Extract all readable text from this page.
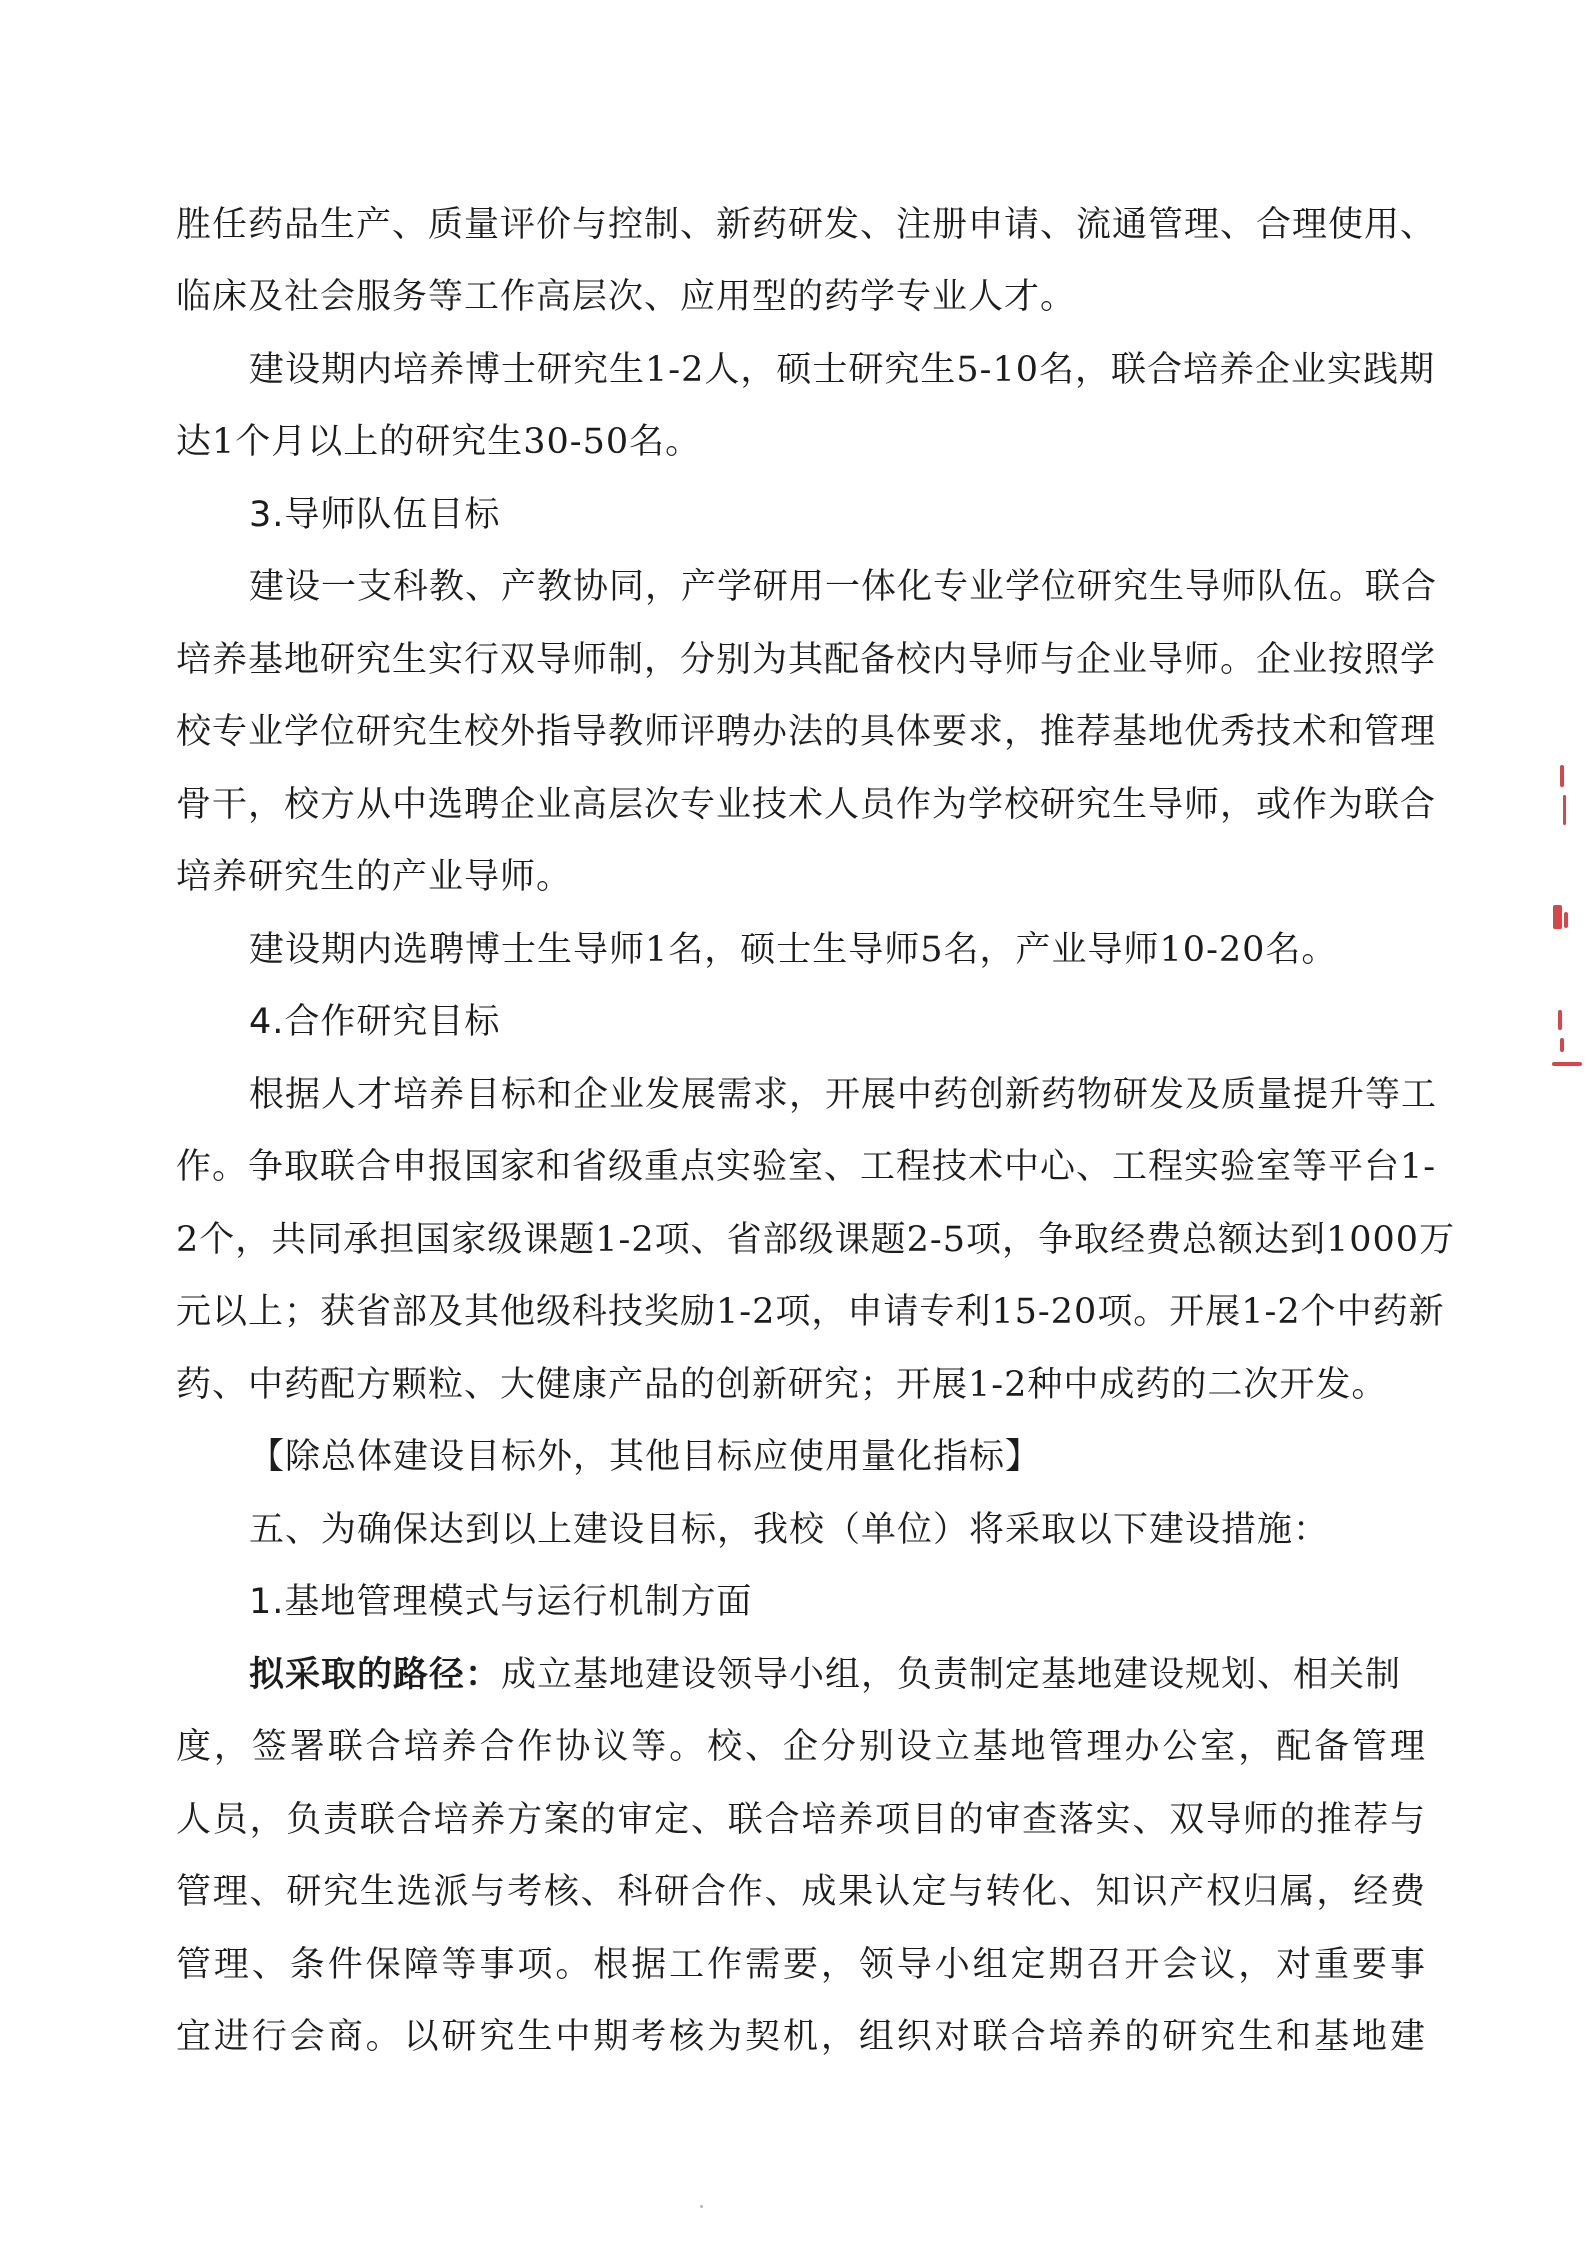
胜任药品生产、质量评价与控制、新药研发、注册申请、流通管理、合理使用、
临床及社会服务等工作高层次、应用型的药学专业人才。
建设期内培养博士研究生1-2人，硕士研究生5-10名，联合培养企业实践期
达1个月以上的研究生30-50名。
3.导师队伍目标
建设一支科教、产教协同，产学研用一体化专业学位研究生导师队伍。联合
培养基地研究生实行双导师制，分别为其配备校内导师与企业导师。企业按照学
校专业学位研究生校外指导教师评聘办法的具体要求，推荐基地优秀技术和管理
骨干，校方从中选聘企业高层次专业技术人员作为学校研究生导师，或作为联合
培养研究生的产业导师。
建设期内选聘博士生导师1名，硕士生导师5名，产业导师10-20名。
4.合作研究目标
根据人才培养目标和企业发展需求，开展中药创新药物研发及质量提升等工
作。争取联合申报国家和省级重点实验室、工程技术中心、工程实验室等平台1-
2个，共同承担国家级课题1-2项、省部级课题2-5项，争取经费总额达到1000万
元以上；获省部及其他级科技奖励1-2项，申请专利15-20项。开展1-2个中药新
药、中药配方颗粒、大健康产品的创新研究；开展1-2种中成药的二次开发。
【除总体建设目标外，其他目标应使用量化指标】
五、为确保达到以上建设目标，我校（单位）将采取以下建设措施：
1.基地管理模式与运行机制方面
拟采取的路径：成立基地建设领导小组，负责制定基地建设规划、相关制
度，签署联合培养合作协议等。校、企分别设立基地管理办公室，配备管理
人员，负责联合培养方案的审定、联合培养项目的审查落实、双导师的推荐与
管理、研究生选派与考核、科研合作、成果认定与转化、知识产权归属，经费
管理、条件保障等事项。根据工作需要，领导小组定期召开会议，对重要事
宜进行会商。以研究生中期考核为契机，组织对联合培养的研究生和基地建
